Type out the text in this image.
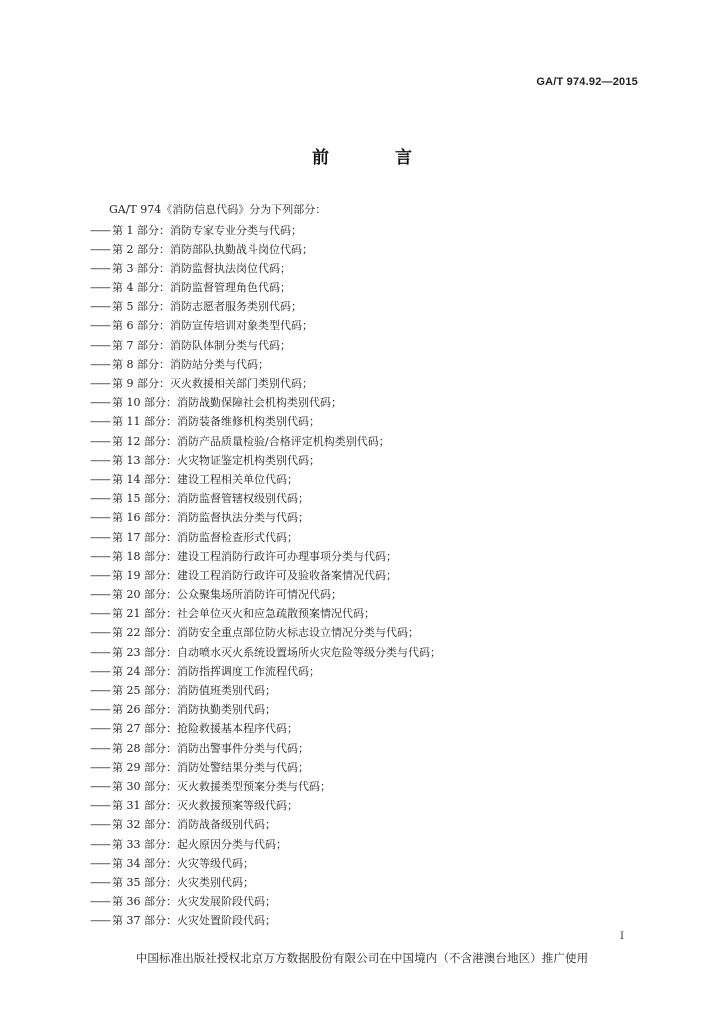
GA/T 974.92—2015
前 言
GA/T 974《消防信息代码》分为下列部分：
—— 第 1 部分：消防专家专业分类与代码；
—— 第 2 部分：消防部队执勤战斗岗位代码；
—— 第 3 部分：消防监督执法岗位代码；
—— 第 4 部分：消防监督管理角色代码；
—— 第 5 部分：消防志愿者服务类别代码；
—— 第 6 部分：消防宣传培训对象类型代码；
—— 第 7 部分：消防队体制分类与代码；
—— 第 8 部分：消防站分类与代码；
—— 第 9 部分：灭火救援相关部门类别代码；
—— 第 10 部分：消防战勤保障社会机构类别代码；
—— 第 11 部分：消防装备维修机构类别代码；
—— 第 12 部分：消防产品质量检验/合格评定机构类别代码；
—— 第 13 部分：火灾物证鉴定机构类别代码；
—— 第 14 部分：建设工程相关单位代码；
—— 第 15 部分：消防监督管辖权级别代码；
—— 第 16 部分：消防监督执法分类与代码；
—— 第 17 部分：消防监督检查形式代码；
—— 第 18 部分：建设工程消防行政许可办理事项分类与代码；
—— 第 19 部分：建设工程消防行政许可及验收备案情况代码；
—— 第 20 部分：公众聚集场所消防许可情况代码；
—— 第 21 部分：社会单位灭火和应急疏散预案情况代码；
—— 第 22 部分：消防安全重点部位防火标志设立情况分类与代码；
—— 第 23 部分：自动喷水灭火系统设置场所火灾危险等级分类与代码；
—— 第 24 部分：消防指挥调度工作流程代码；
—— 第 25 部分：消防值班类别代码；
—— 第 26 部分：消防执勤类别代码；
—— 第 27 部分：抢险救援基本程序代码；
—— 第 28 部分：消防出警事件分类与代码；
—— 第 29 部分：消防处警结果分类与代码；
—— 第 30 部分：灭火救援类型预案分类与代码；
—— 第 31 部分：灭火救援预案等级代码；
—— 第 32 部分：消防战备级别代码；
—— 第 33 部分：起火原因分类与代码；
—— 第 34 部分：火灾等级代码；
—— 第 35 部分：火灾类别代码；
—— 第 36 部分：火灾发展阶段代码；
—— 第 37 部分：火灾处置阶段代码；
I
中国标准出版社授权北京万方数据股份有限公司在中国境内（不含港澳台地区）推广使用
